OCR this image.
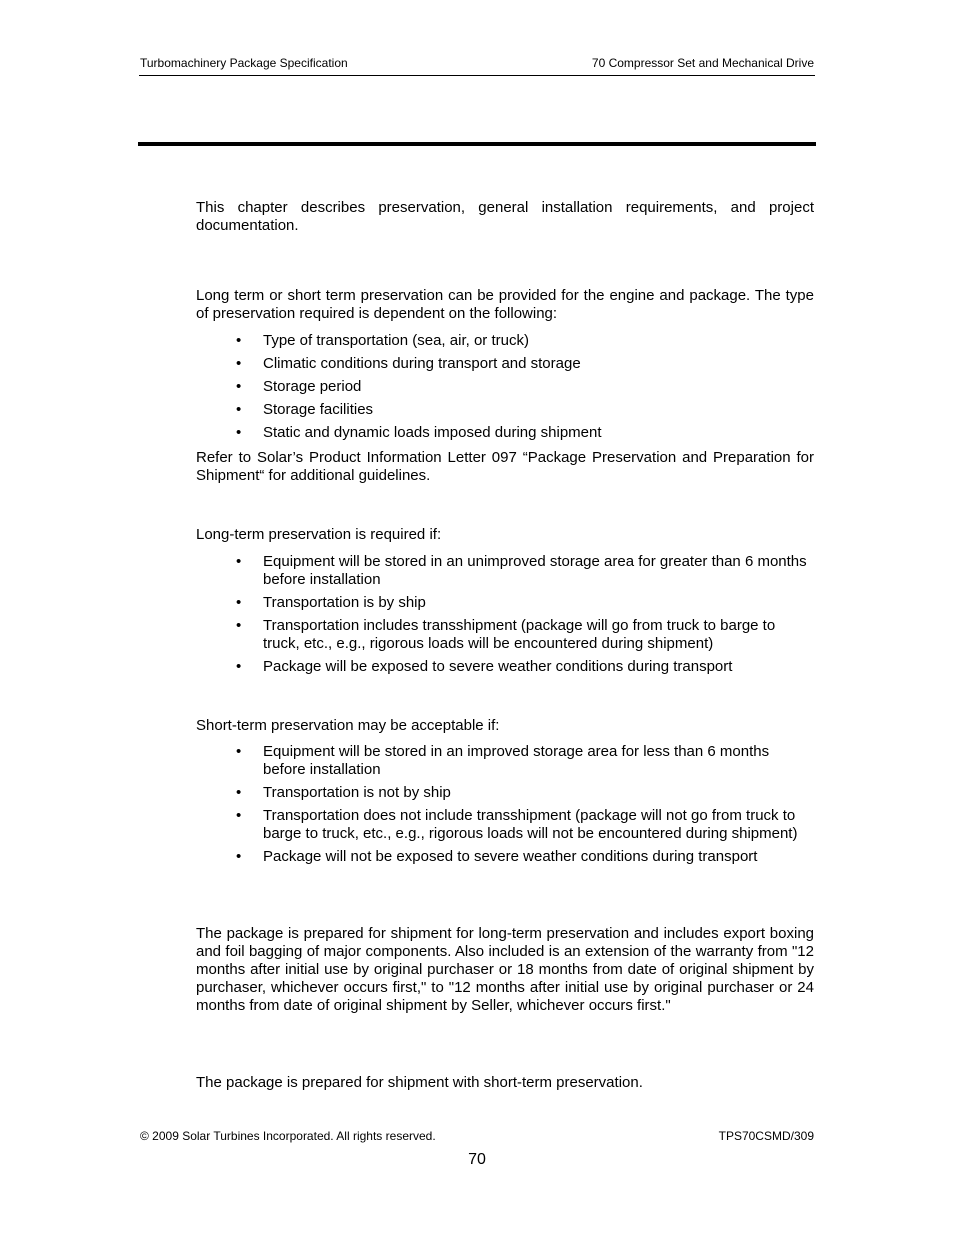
Turbomachinery Package Specification	70 Compressor Set and Mechanical Drive

This chapter describes preservation, general installation requirements, and project documentation.

Long term or short term preservation can be provided for the engine and package. The type of preservation required is dependent on the following:

• Type of transportation (sea, air, or truck)
• Climatic conditions during transport and storage
• Storage period
• Storage facilities
• Static and dynamic loads imposed during shipment

Refer to Solar’s Product Information Letter 097 “Package Preservation and Preparation for Shipment“ for additional guidelines.

Long-term preservation is required if:

• Equipment will be stored in an unimproved storage area for greater than 6 months before installation
• Transportation is by ship
• Transportation includes transshipment (package will go from truck to barge to truck, etc., e.g., rigorous loads will be encountered during shipment)
• Package will be exposed to severe weather conditions during transport

Short-term preservation may be acceptable if:

• Equipment will be stored in an improved storage area for less than 6 months before installation
• Transportation is not by ship
• Transportation does not include transshipment (package will not go from truck to barge to truck, etc., e.g., rigorous loads will not be encountered during shipment)
• Package will not be exposed to severe weather conditions during transport

The package is prepared for shipment for long-term preservation and includes export boxing and foil bagging of major components. Also included is an extension of the warranty from "12 months after initial use by original purchaser or 18 months from date of original shipment by purchaser, whichever occurs first," to "12 months after initial use by original purchaser or 24 months from date of original shipment by Seller, whichever occurs first."

The package is prepared for shipment with short-term preservation.

© 2009 Solar Turbines Incorporated. All rights reserved.	TPS70CSMD/309
70
